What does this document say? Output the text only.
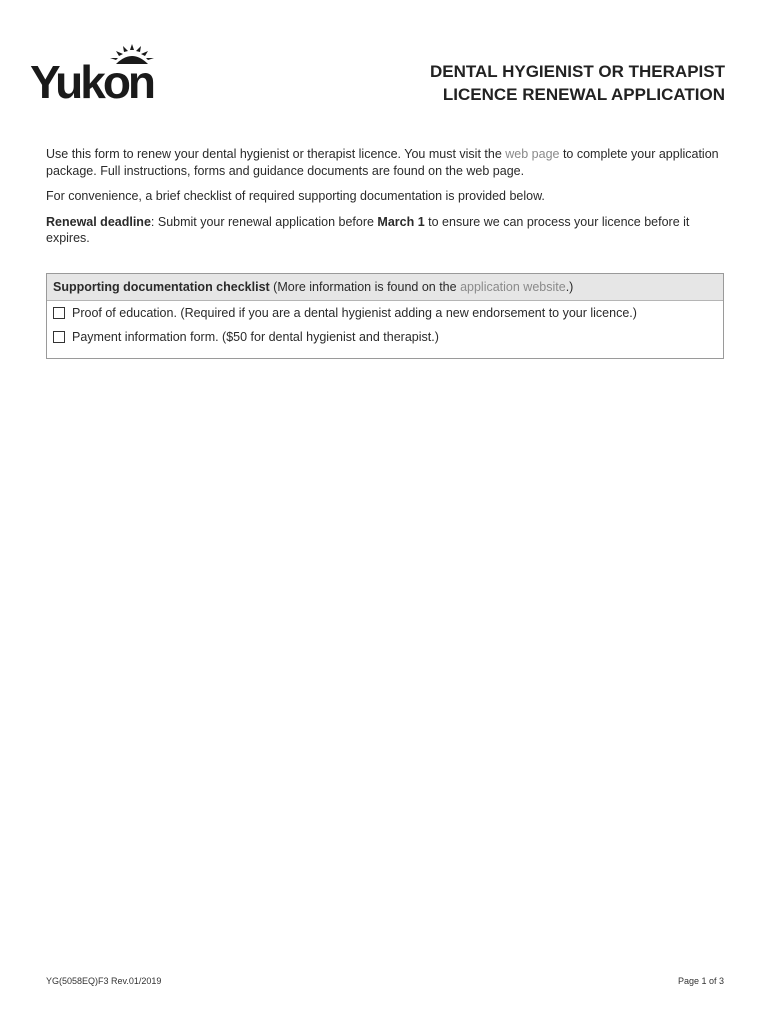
Yukon	DENTAL HYGIENIST OR THERAPIST
LICENCE RENEWAL APPLICATION

Use this form to renew your dental hygienist or therapist licence. You must visit the web page to complete your application package. Full instructions, forms and guidance documents are found on the web page.

For convenience, a brief checklist of required supporting documentation is provided below.

Renewal deadline: Submit your renewal application before March 1 to ensure we can process your licence before it expires.

Supporting documentation checklist (More information is found on the application website.)
Proof of education. (Required if you are a dental hygienist adding a new endorsement to your licence.)
Payment information form. ($50 for dental hygienist and therapist.)
YG(5058EQ)F3 Rev.01/2019	Page 1 of 3
